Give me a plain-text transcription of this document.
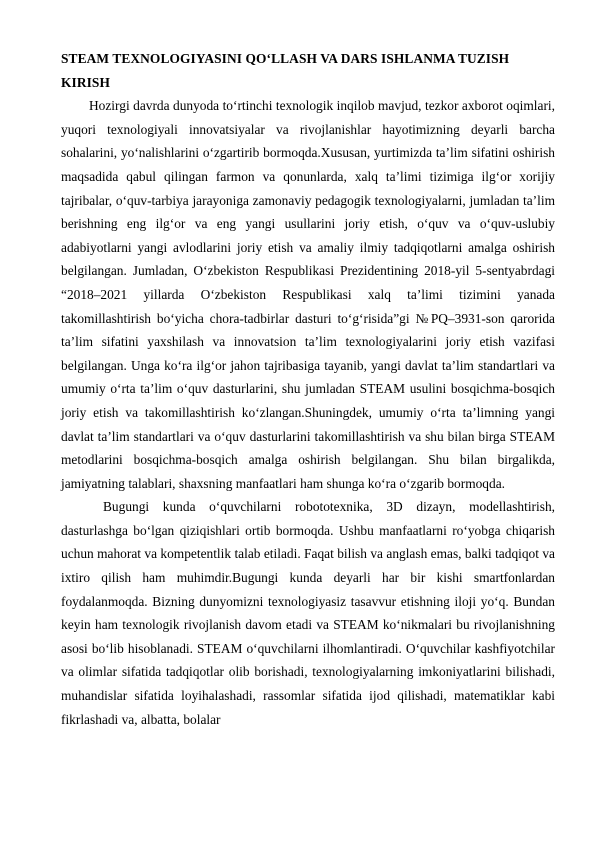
STEAM TEXNOLOGIYASINI QO‘LLASH VA DARS ISHLANMA TUZISH KIRISH

Hozirgi davrda dunyoda to‘rtinchi texnologik inqilob mavjud, tezkor axborot oqimlari, yuqori texnologiyali innovatsiyalar va rivojlanishlar hayotimizning deyarli barcha sohalarini, yo‘nalishlarini o‘zgartirib bormoqda.Xususan, yurtimizda ta’lim sifatini oshirish maqsadida qabul qilingan farmon va qonunlarda, xalq ta’limi tizimiga ilg‘or xorijiy tajribalar, o‘quv-tarbiya jarayoniga zamonaviy pedagogik texnologiyalarni, jumladan ta’lim berishning eng ilg‘or va eng yangi usullarini joriy etish, o‘quv va o‘quv-uslubiy adabiyotlarni yangi avlodlarini joriy etish va amaliy ilmiy tadqiqotlarni amalga oshirish belgilangan. Jumladan, O‘zbekiston Respublikasi Prezidentining 2018-yil 5-sentyabrdagi “2018–2021 yillarda O‘zbekiston Respublikasi xalq ta’limi tizimini yanada takomillashtirish bo‘yicha chora-tadbirlar dasturi to‘g‘risida”gi №PQ–3931-son qarorida ta’lim sifatini yaxshilash va innovatsion ta’lim texnologiyalarini joriy etish vazifasi belgilangan. Unga ko‘ra ilg‘or jahon tajribasiga tayanib, yangi davlat ta’lim standartlari va umumiy o‘rta ta’lim o‘quv dasturlarini, shu jumladan STEAM usulini bosqichma-bosqich joriy etish va takomillashtirish ko‘zlangan.Shuningdek, umumiy o‘rta ta’limning yangi davlat ta’lim standartlari va o‘quv dasturlarini takomillashtirish va shu bilan birga STEAM metodlarini bosqichma-bosqich amalga oshirish belgilangan. Shu bilan birgalikda, jamiyatning talablari, shaxsning manfaatlari ham shunga ko‘ra o‘zgarib bormoqda.

Bugungi kunda o‘quvchilarni robototexnika, 3D dizayn, modellashtirish, dasturlashga bo‘lgan qiziqishlari ortib bormoqda. Ushbu manfaatlarni ro‘yobga chiqarish uchun mahorat va kompetentlik talab etiladi. Faqat bilish va anglash emas, balki tadqiqot va ixtiro qilish ham muhimdir.Bugungi kunda deyarli har bir kishi smartfonlardan foydalanmoqda. Bizning dunyomizni texnologiyasiz tasavvur etishning iloji yo‘q. Bundan keyin ham texnologik rivojlanish davom etadi va STEAM ko‘nikmalari bu rivojlanishning asosi bo‘lib hisoblanadi. STEAM o‘quvchilarni ilhomlantiradi. O‘quvchilar kashfiyotchilar va olimlar sifatida tadqiqotlar olib borishadi, texnologiyalarning imkoniyatlarini bilishadi, muhandislar sifatida loyihalashadi, rassomlar sifatida ijod qilishadi, matematiklar kabi fikrlashadi va, albatta, bolalar
